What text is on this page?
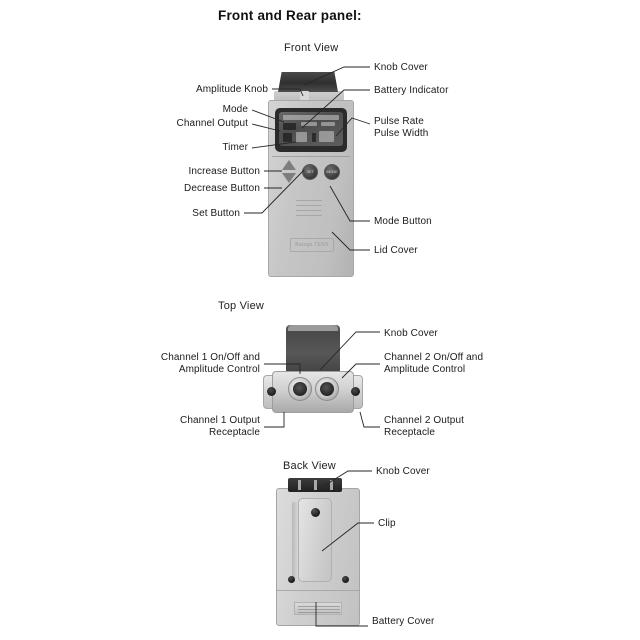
Front and Rear panel:
Front View
SET	MODE
Balego TENS
Amplitude Knob
Mode
Channel Output
Timer
Increase Button
Decrease Button
Set Button
Knob Cover
Battery Indicator
Pulse Rate
Pulse Width
Mode Button
Lid Cover
Top View
Channel 1 On/Off and
Amplitude Control
Channel 1 Output
Receptacle
Knob Cover
Channel 2 On/Off and
Amplitude Control
Channel 2 Output
Receptacle
Back View	Knob Cover
Clip
Battery Cover
